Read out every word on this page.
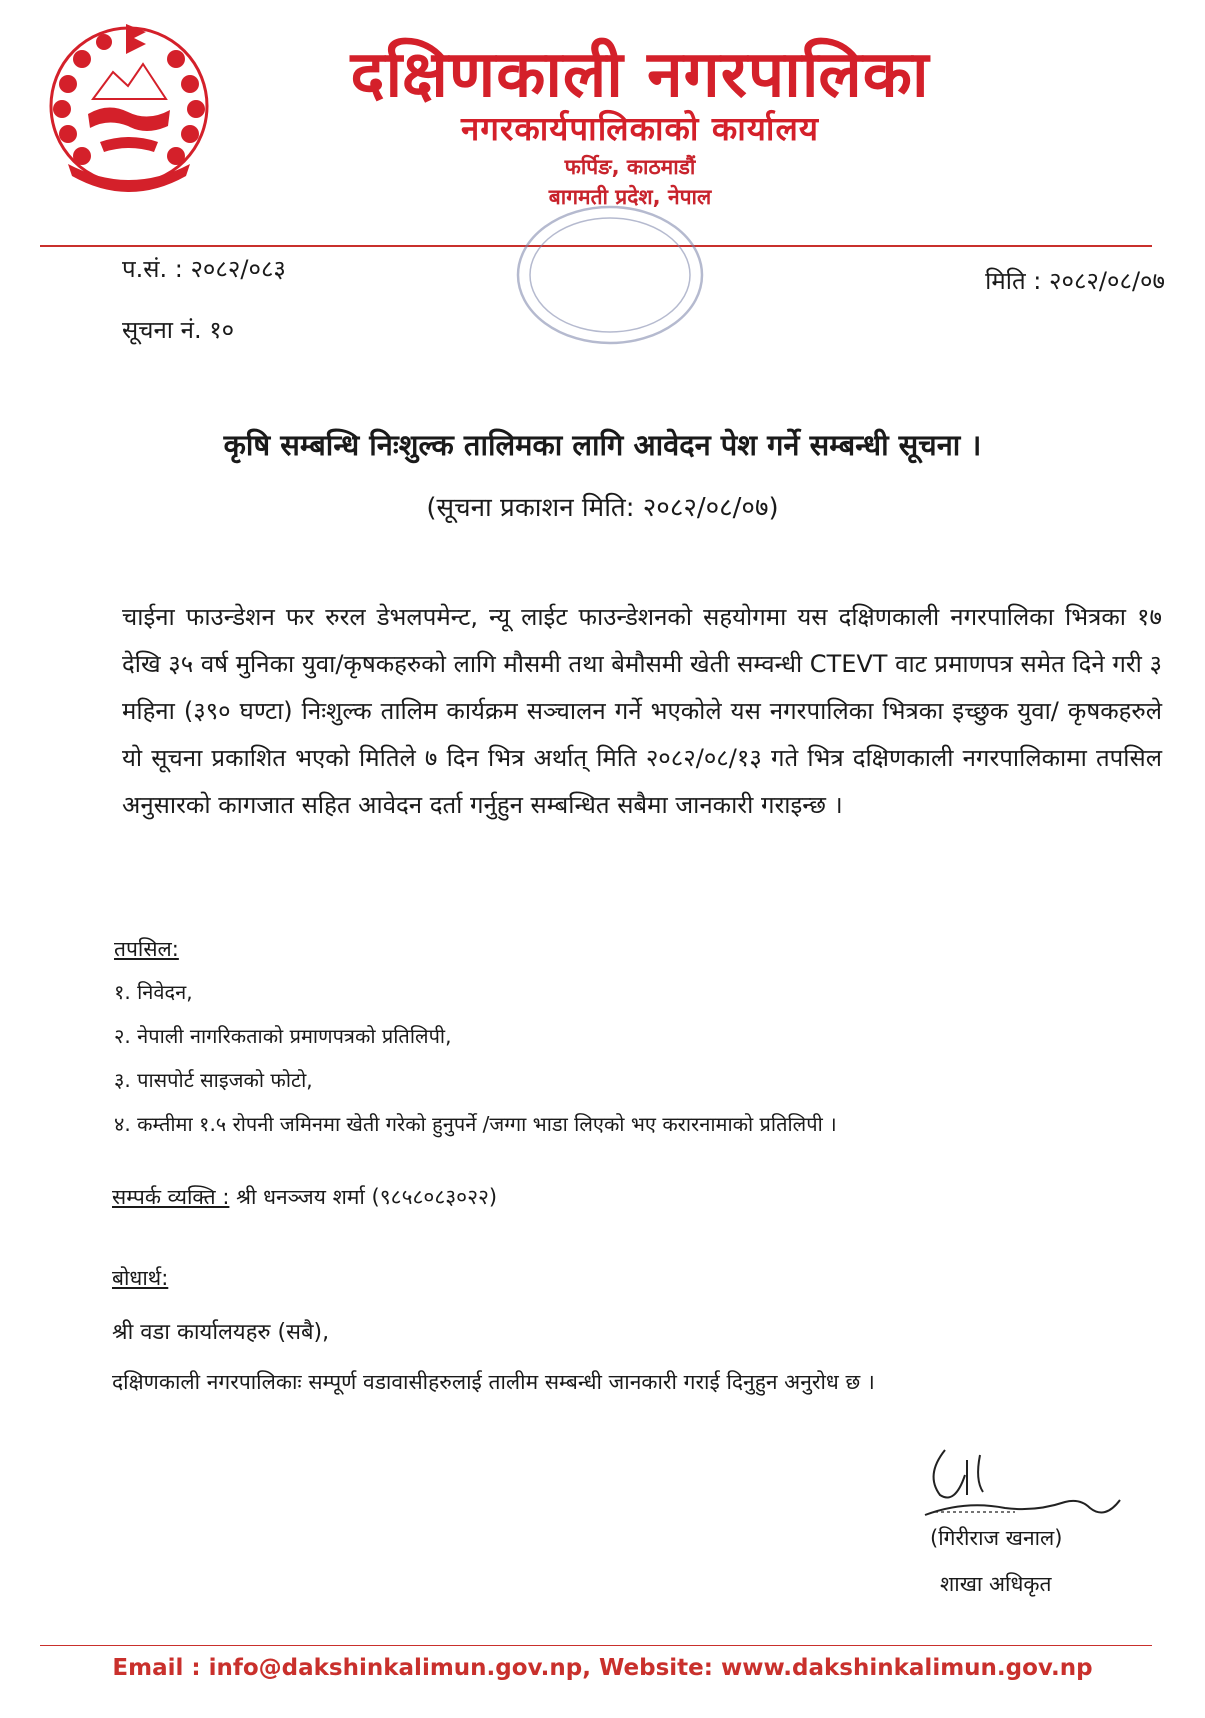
दक्षिणकाली नगरपालिका
नगरकार्यपालिकाको कार्यालय
फर्पिङ, काठमाडौं
बागमती प्रदेश, नेपाल
प.सं. : २०८२/०८३
सूचना नं. १०
मिति : २०८२/०८/०७
कृषि सम्बन्धि निःशुल्क तालिमका लागि आवेदन पेश गर्ने सम्बन्धी सूचना ।
(सूचना प्रकाशन मिति: २०८२/०८/०७)

चाईना फाउन्डेशन फर रुरल डेभलपमेन्ट, न्यू लाईट फाउन्डेशनको सहयोगमा यस दक्षिणकाली नगरपालिका भित्रका १७ देखि ३५ वर्ष मुनिका युवा/कृषकहरुको लागि मौसमी तथा बेमौसमी खेती सम्वन्धी CTEVT वाट प्रमाणपत्र समेत दिने गरी ३ महिना (३९० घण्टा) निःशुल्क तालिम कार्यक्रम सञ्चालन गर्ने भएकोले यस नगरपालिका भित्रका इच्छुक युवा/ कृषकहरुले यो सूचना प्रकाशित भएको मितिले ७ दिन भित्र अर्थात् मिति २०८२/०८/१३ गते भित्र दक्षिणकाली नगरपालिकामा तपसिल अनुसारको कागजात सहित आवेदन दर्ता गर्नुहुन सम्बन्धित सबैमा जानकारी गराइन्छ ।

तपसिल:
१. निवेदन,
२. नेपाली नागरिकताको प्रमाणपत्रको प्रतिलिपी,
३. पासपोर्ट साइजको फोटो,
४. कम्तीमा १.५ रोपनी जमिनमा खेती गरेको हुनुपर्ने /जग्गा भाडा लिएको भए करारनामाको प्रतिलिपी ।
सम्पर्क व्यक्ति : श्री धनञ्जय शर्मा (९८५८०८३०२२)
बोधार्थ:
श्री वडा कार्यालयहरु (सबै),
दक्षिणकाली नगरपालिकाः सम्पूर्ण वडावासीहरुलाई तालीम सम्बन्धी जानकारी गराई दिनुहुन अनुरोध छ ।
(गिरीराज खनाल)
शाखा अधिकृत
Email : info@dakshinkalimun.gov.np, Website: www.dakshinkalimun.gov.np
